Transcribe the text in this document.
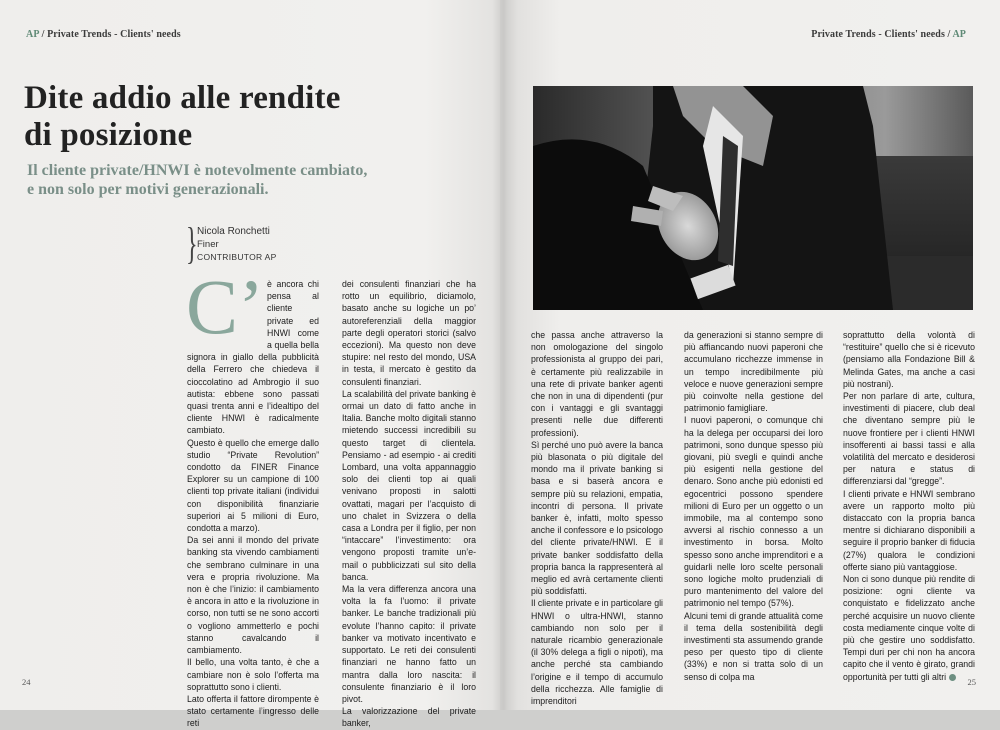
AP / Private Trends - Clients' needs
Dite addio alle rendite
di posizione
Il cliente private/HNWI è notevolmente cambiato,
e non solo per motivi generazionali.
} Nicola Ronchetti
Finer
CONTRIBUTOR AP
C’ è ancora chi pensa al cliente private ed HNWI come a quella bella signora in giallo della pubblicità della Ferrero che chiedeva il cioccolatino ad Ambrogio il suo autista: ebbene sono passati quasi trenta anni e l’idealtipo del cliente HNWI è radicalmente cambiato.

Questo è quello che emerge dallo studio “Private Revolution” condotto da FINER Finance Explorer su un campione di 100 clienti top private italiani (individui con disponibilità finanziarie superiori ai 5 milioni di Euro, condotta a marzo).

Da sei anni il mondo del private banking sta vivendo cambiamenti che sembrano culminare in una vera e propria rivoluzione. Ma non è che l’inizio: il cambiamento è ancora in atto e la rivoluzione in corso, non tutti se ne sono accorti o vogliono ammetterlo e pochi stanno cavalcando il cambiamento.

Il bello, una volta tanto, è che a cambiare non è solo l’offerta ma soprattutto sono i clienti.

Lato offerta il fattore dirompente è stato certamente l’ingresso delle reti

dei consulenti finanziari che ha rotto un equilibrio, diciamolo, basato anche su logiche un po’ autoreferenziali della maggior parte degli operatori storici (salvo eccezioni). Ma questo non deve stupire: nel resto del mondo, USA in testa, il mercato è gestito da consulenti finanziari.

La scalabilità del private banking è ormai un dato di fatto anche in Italia. Banche molto digitali stanno mietendo successi incredibili su questo target di clientela. Pensiamo - ad esempio - ai crediti Lombard, una volta appannaggio solo dei clienti top ai quali venivano proposti in salotti ovattati, magari per l’acquisto di uno chalet in Svizzera o della casa a Londra per il figlio, per non “intaccare” l’investimento: ora vengono proposti tramite un’e-mail o pubblicizzati sul sito della banca.

Ma la vera differenza ancora una volta la fa l’uomo: il private banker. Le banche tradizionali più evolute l’hanno capito: il private banker va motivato incentivato e supportato. Le reti dei consulenti finanziari ne hanno fatto un mantra dalla loro nascita: il consulente finanziario è il loro pivot.

La valorizzazione del private banker,

24
Private Trends - Clients' needs / AP
25

che passa anche attraverso la non omologazione del singolo professionista al gruppo dei pari, è certamente più realizzabile in una rete di private banker agenti che non in una di dipendenti (pur con i vantaggi e gli svantaggi presenti nelle due differenti professioni).

Sì perché uno può avere la banca più blasonata o più digitale del mondo ma il private banking si basa e si baserà ancora e sempre più su relazioni, empatia, incontri di persona. Il private banker è, infatti, molto spesso anche il confessore e lo psicologo del cliente private/HNWI. E il private banker soddisfatto della propria banca la rappresenterà al meglio ed avrà certamente clienti più soddisfatti.

Il cliente private e in particolare gli HNWI o ultra-HNWI, stanno cambiando non solo per il naturale ricambio generazionale (il 30% delega a figli o nipoti), ma anche perché sta cambiando l’origine e il tempo di accumulo della ricchezza. Alle famiglie di imprenditori

da generazioni si stanno sempre di più affiancando nuovi paperoni che accumulano ricchezze immense in un tempo incredibilmente più veloce e nuove generazioni sempre più coinvolte nella gestione del patrimonio famigliare.

I nuovi paperoni, o comunque chi ha la delega per occuparsi dei loro patrimoni, sono dunque spesso più giovani, più svegli e quindi anche più esigenti nella gestione del denaro. Sono anche più edonisti ed egocentrici possono spendere milioni di Euro per un oggetto o un immobile, ma al contempo sono avversi al rischio connesso a un investimento in borsa. Molto spesso sono anche imprenditori e a guidarli nelle loro scelte personali sono logiche molto prudenziali di puro mantenimento del valore del patrimonio nel tempo (57%).

Alcuni temi di grande attualità come il tema della sostenibilità degli investimenti sta assumendo grande peso per questo tipo di cliente (33%) e non si tratta solo di un senso di colpa ma

soprattutto della volontà di “restituire” quello che si è ricevuto (pensiamo alla Fondazione Bill & Melinda Gates, ma anche a casi più nostrani).

Per non parlare di arte, cultura, investimenti di piacere, club deal che diventano sempre più le nuove frontiere per i clienti HNWI insofferenti ai bassi tassi e alla volatilità del mercato e desiderosi per natura e status di differenziarsi dal “gregge”.

I clienti private e HNWI sembrano avere un rapporto molto più distaccato con la propria banca mentre si dichiarano disponibili a seguire il proprio banker di fiducia (27%) qualora le condizioni offerte siano più vantaggiose.

Non ci sono dunque più rendite di posizione: ogni cliente va conquistato e fidelizzato anche perché acquisire un nuovo cliente costa mediamente cinque volte di più che gestire uno soddisfatto. Tempi duri per chi non ha ancora capito che il vento è girato, grandi opportunità per tutti gli altri
